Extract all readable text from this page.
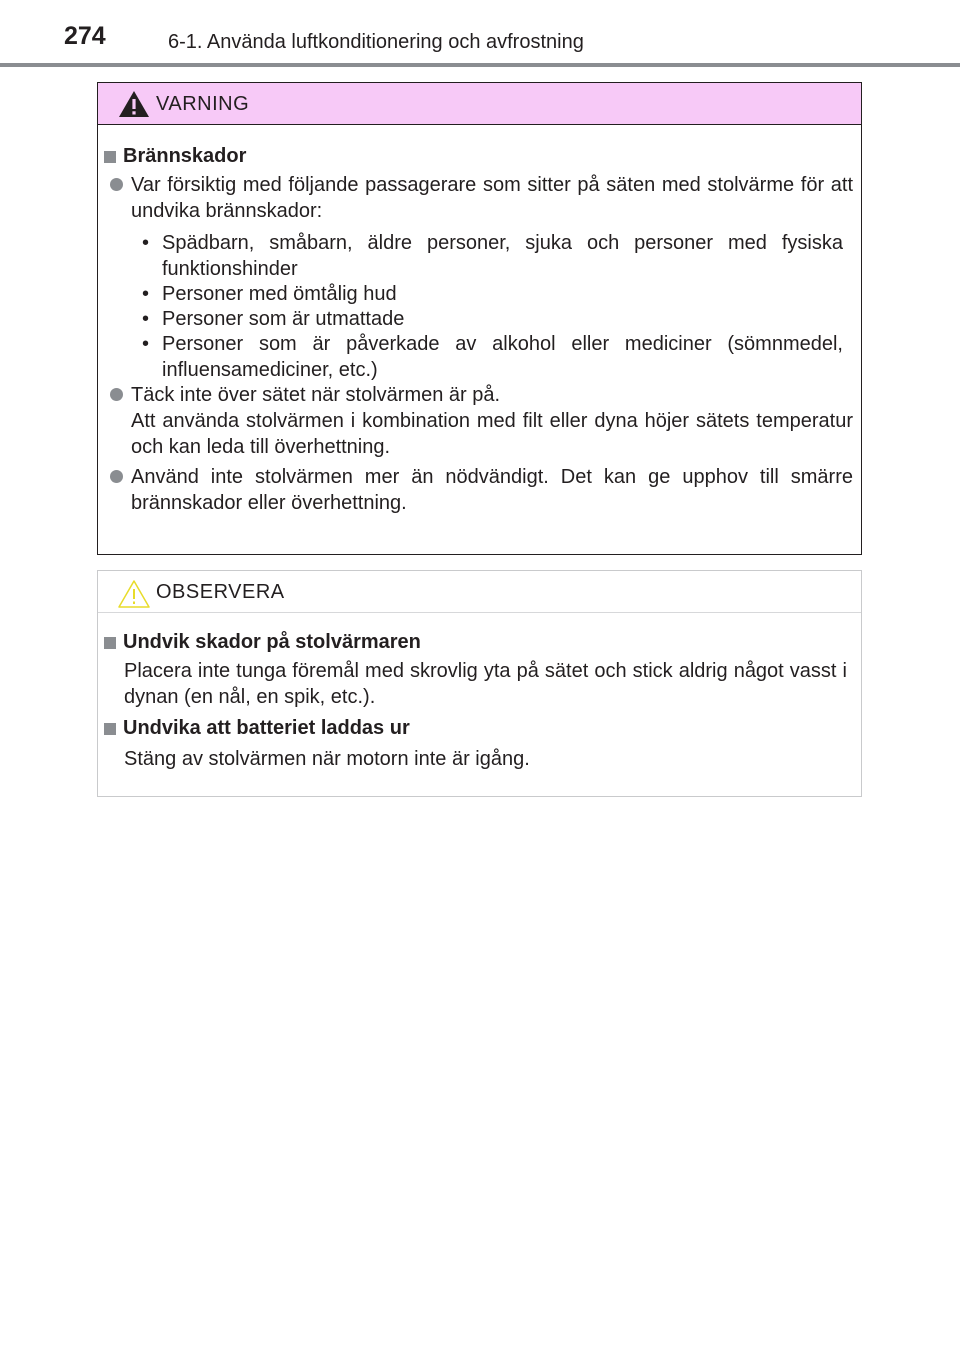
274	6-1. Använda luftkonditionering och avfrostning
VARNING
Brännskador
Var försiktig med följande passagerare som sitter på säten med stolvärme för att undvika brännskador:
• Spädbarn, småbarn, äldre personer, sjuka och personer med fysiska funktionshinder
• Personer med ömtålig hud
• Personer som är utmattade
• Personer som är påverkade av alkohol eller mediciner (sömnmedel, influensamediciner, etc.)
Täck inte över sätet när stolvärmen är på.
Att använda stolvärmen i kombination med filt eller dyna höjer sätets temperatur och kan leda till överhettning.
Använd inte stolvärmen mer än nödvändigt. Det kan ge upphov till smärre brännskador eller överhettning.
OBSERVERA
Undvik skador på stolvärmaren
Placera inte tunga föremål med skrovlig yta på sätet och stick aldrig något vasst i dynan (en nål, en spik, etc.).
Undvika att batteriet laddas ur
Stäng av stolvärmen när motorn inte är igång.
